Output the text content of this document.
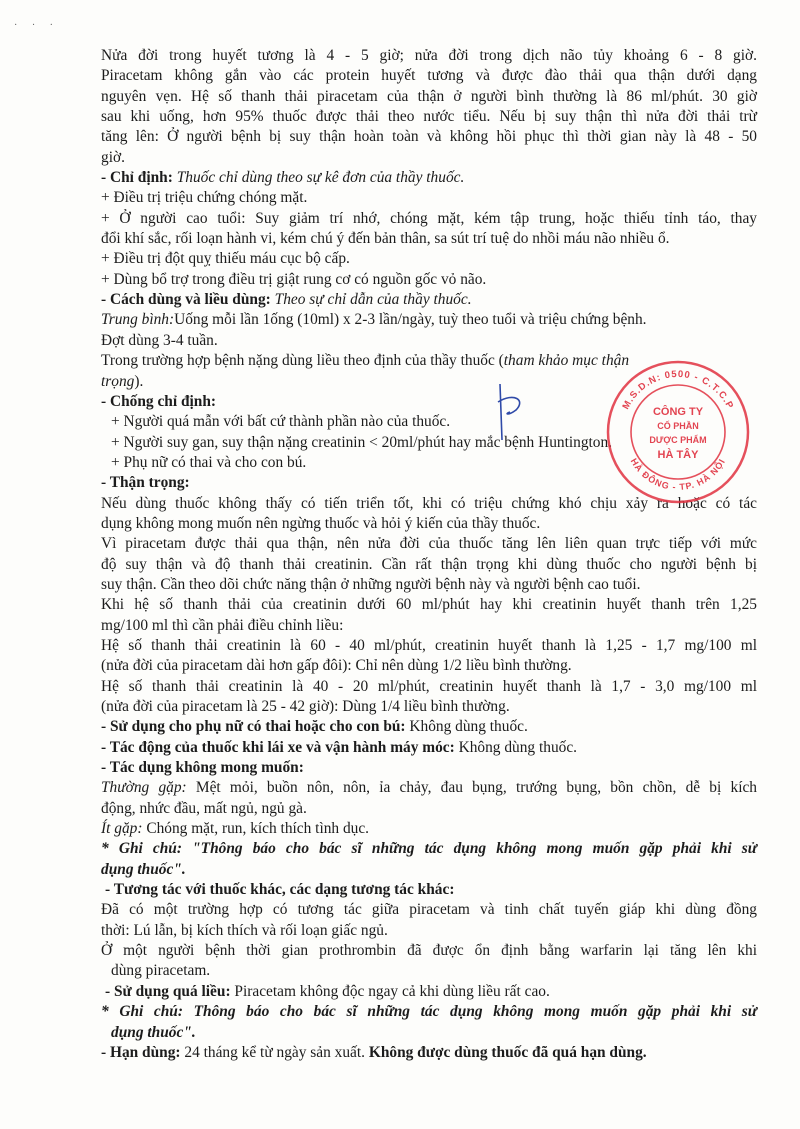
· · ·
Nửa đời trong huyết tương là 4 - 5 giờ; nửa đời trong dịch não tủy khoảng 6 - 8 giờ.
Piracetam không gắn vào các protein huyết tương và được đào thải qua thận dưới dạng
nguyên vẹn. Hệ số thanh thải piracetam của thận ở người bình thường là 86 ml/phút. 30 giờ
sau khi uống, hơn 95% thuốc được thải theo nước tiểu. Nếu bị suy thận thì nửa đời thải trừ
tăng lên: Ở người bệnh bị suy thận hoàn toàn và không hồi phục thì thời gian này là 48 - 50
giờ.
- Chỉ định: Thuốc chỉ dùng theo sự kê đơn của thầy thuốc.
+ Điều trị triệu chứng chóng mặt.
+ Ở người cao tuổi: Suy giảm trí nhớ, chóng mặt, kém tập trung, hoặc thiếu tỉnh táo, thay
đổi khí sắc, rối loạn hành vi, kém chú ý đến bản thân, sa sút trí tuệ do nhồi máu não nhiều ổ.
+ Điều trị đột quỵ thiếu máu cục bộ cấp.
+ Dùng bổ trợ trong điều trị giật rung cơ có nguồn gốc vỏ não.
- Cách dùng và liều dùng: Theo sự chỉ dẫn của thầy thuốc.
Trung bình:Uống mỗi lần 1ống (10ml) x 2-3 lần/ngày, tuỳ theo tuổi và triệu chứng bệnh.
Đợt dùng 3-4 tuần.
Trong trường hợp bệnh nặng dùng liều theo định của thầy thuốc (tham khảo mục thận
trọng).
- Chống chỉ định:
+ Người quá mẫn với bất cứ thành phần nào của thuốc.
+ Người suy gan, suy thận nặng creatinin < 20ml/phút hay mắc bệnh Huntington.
+ Phụ nữ có thai và cho con bú.
- Thận trọng:
Nếu dùng thuốc không thấy có tiến triển tốt, khi có triệu chứng khó chịu xảy ra hoặc có tác
dụng không mong muốn nên ngừng thuốc và hỏi ý kiến của thầy thuốc.
Vì piracetam được thải qua thận, nên nửa đời của thuốc tăng lên liên quan trực tiếp với mức
độ suy thận và độ thanh thải creatinin. Cần rất thận trọng khi dùng thuốc cho người bệnh bị
suy thận. Cần theo dõi chức năng thận ở những người bệnh này và người bệnh cao tuổi.
Khi hệ số thanh thải của creatinin dưới 60 ml/phút hay khi creatinin huyết thanh trên 1,25
mg/100 ml thì cần phải điều chỉnh liều:
Hệ số thanh thải creatinin là 60 - 40 ml/phút, creatinin huyết thanh là 1,25 - 1,7 mg/100 ml
(nửa đời của piracetam dài hơn gấp đôi): Chỉ nên dùng 1/2 liều bình thường.
Hệ số thanh thải creatinin là 40 - 20 ml/phút, creatinin huyết thanh là 1,7 - 3,0 mg/100 ml
(nửa đời của piracetam là 25 - 42 giờ): Dùng 1/4 liều bình thường.
- Sử dụng cho phụ nữ có thai hoặc cho con bú: Không dùng thuốc.
- Tác động của thuốc khi lái xe và vận hành máy móc: Không dùng thuốc.
- Tác dụng không mong muốn:
Thường gặp: Mệt mỏi, buồn nôn, nôn, ỉa chảy, đau bụng, trướng bụng, bồn chồn, dễ bị kích
động, nhức đầu, mất ngủ, ngủ gà.
Ít gặp: Chóng mặt, run, kích thích tình dục.
* Ghi chú: "Thông báo cho bác sĩ những tác dụng không mong muốn gặp phải khi sử
dụng thuốc".
- Tương tác với thuốc khác, các dạng tương tác khác:
Đã có một trường hợp có tương tác giữa piracetam và tinh chất tuyến giáp khi dùng đồng
thời: Lú lẫn, bị kích thích và rối loạn giấc ngủ.
Ở một người bệnh thời gian prothrombin đã được ổn định bằng warfarin lại tăng lên khi
dùng piracetam.
- Sử dụng quá liều: Piracetam không độc ngay cả khi dùng liều rất cao.
* Ghi chú: Thông báo cho bác sĩ những tác dụng không mong muốn gặp phải khi sử
dụng thuốc".
- Hạn dùng: 24 tháng kể từ ngày sản xuất. Không được dùng thuốc đã quá hạn dùng.
M.S.D.N: 0500 - C.T.C.P
HÀ ĐÔNG - TP. HÀ NỘI
CÔNG TY
CỔ PHẦN
DƯỢC PHẨM
HÀ TÂY
